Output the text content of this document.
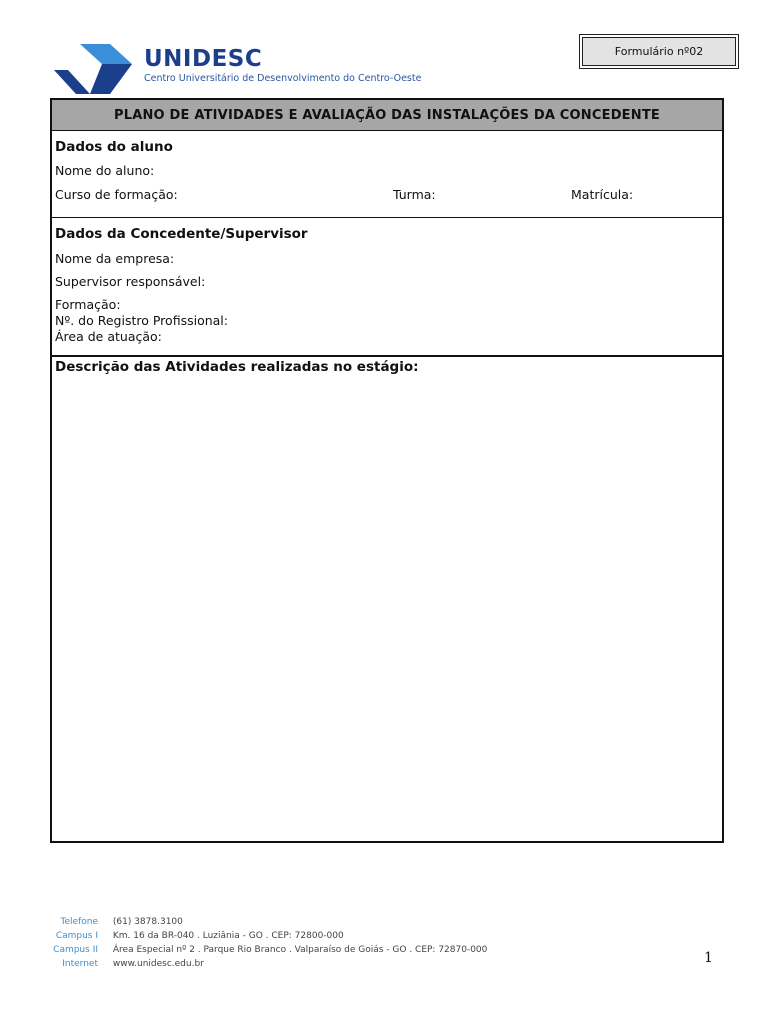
UNIDESC
Centro Universitário de Desenvolvimento do Centro-Oeste
Formulário nº02
PLANO DE ATIVIDADES E AVALIAÇÃO DAS INSTALAÇÕES DA CONCEDENTE
Dados do aluno
Nome do aluno:
Curso de formação:	Turma:	Matrícula:
Dados da Concedente/Supervisor
Nome da empresa:
Supervisor responsável:
Formação:
Nº. do Registro Profissional:
Área de atuação:
Descrição das Atividades realizadas no estágio:
Telefone (61) 3878.3100
Campus I Km. 16 da BR-040 . Luziânia - GO . CEP: 72800-000
Campus II Área Especial nº 2 . Parque Rio Branco . Valparaíso de Goiás - GO . CEP: 72870-000
Internet www.unidesc.edu.br	1
